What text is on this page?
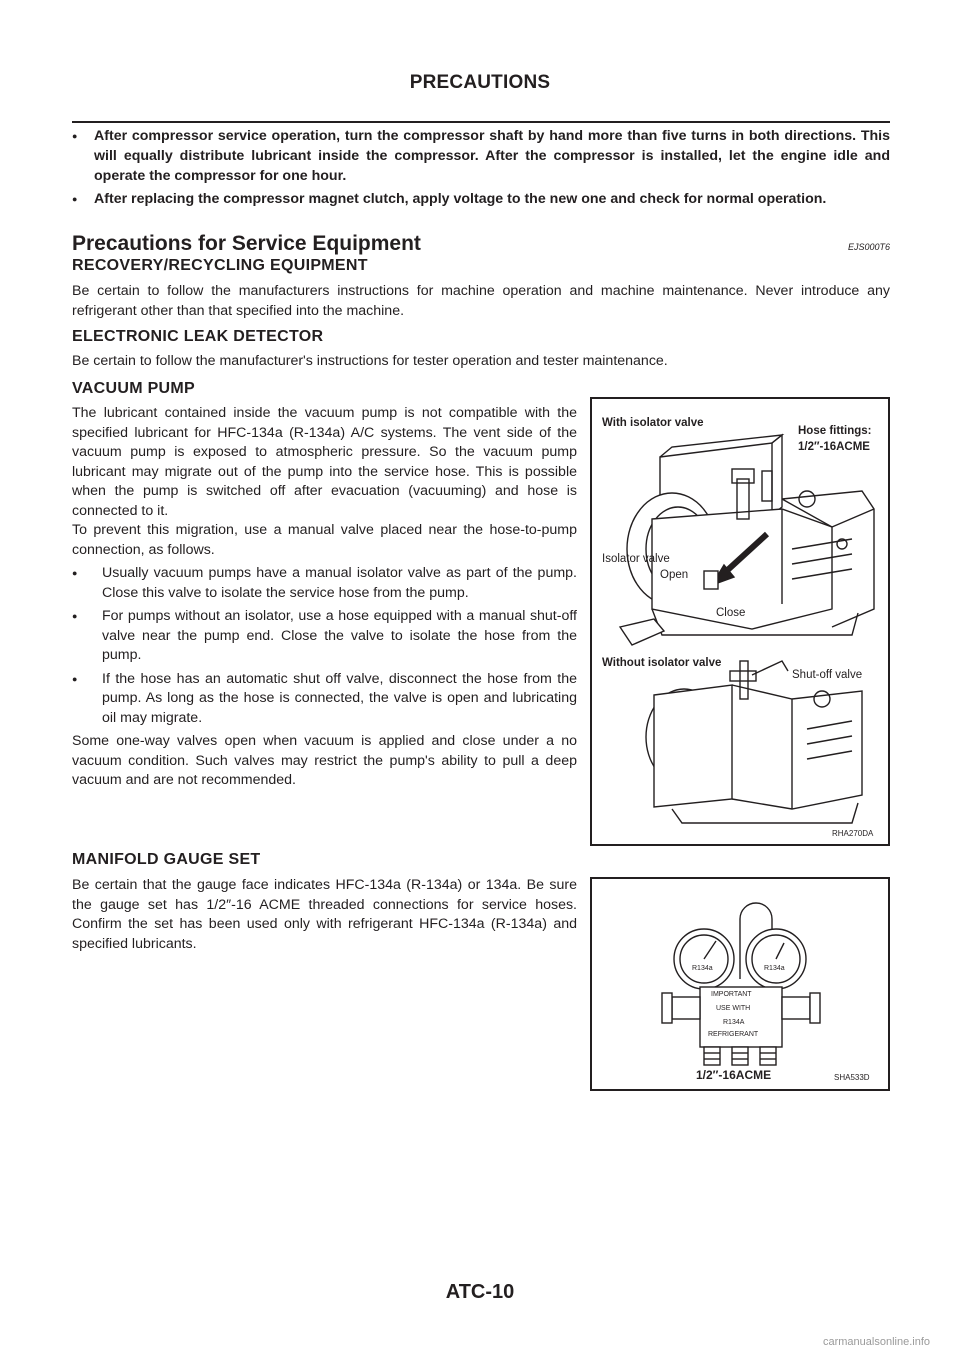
PRECAUTIONS
● After compressor service operation, turn the compressor shaft by hand more than five turns in both directions. This will equally distribute lubricant inside the compressor. After the compressor is installed, let the engine idle and operate the compressor for one hour.
● After replacing the compressor magnet clutch, apply voltage to the new one and check for normal operation.
Precautions for Service Equipment	EJS000T6
RECOVERY/RECYCLING EQUIPMENT
Be certain to follow the manufacturers instructions for machine operation and machine maintenance. Never introduce any refrigerant other than that specified into the machine.
ELECTRONIC LEAK DETECTOR
Be certain to follow the manufacturer's instructions for tester operation and tester maintenance.
VACUUM PUMP
The lubricant contained inside the vacuum pump is not compatible with the specified lubricant for HFC-134a (R-134a) A/C systems. The vent side of the vacuum pump is exposed to atmospheric pressure. So the vacuum pump lubricant may migrate out of the pump into the service hose. This is possible when the pump is switched off after evacuation (vacuuming) and hose is connected to it.
To prevent this migration, use a manual valve placed near the hose-to-pump connection, as follows.
● Usually vacuum pumps have a manual isolator valve as part of the pump. Close this valve to isolate the service hose from the pump.
● For pumps without an isolator, use a hose equipped with a manual shut-off valve near the pump end. Close the valve to isolate the hose from the pump.
● If the hose has an automatic shut off valve, disconnect the hose from the pump. As long as the hose is connected, the valve is open and lubricating oil may migrate.
Some one-way valves open when vacuum is applied and close under a no vacuum condition. Such valves may restrict the pump's ability to pull a deep vacuum and are not recommended.
With isolator valve
Hose fittings:
1/2″-16ACME
Isolator valve
Open
Close
Without isolator valve
Shut-off valve
RHA270DA
MANIFOLD GAUGE SET
Be certain that the gauge face indicates HFC-134a (R-134a) or 134a. Be sure the gauge set has 1/2″-16 ACME threaded connections for service hoses. Confirm the set has been used only with refrigerant HFC-134a (R-134a) and specified lubricants.
R134a	R134a
IMPORTANT
USE WITH
R134A
REFRIGERANT
1/2″-16ACME	SHA533D
ATC-10
carmanualsonline.info
